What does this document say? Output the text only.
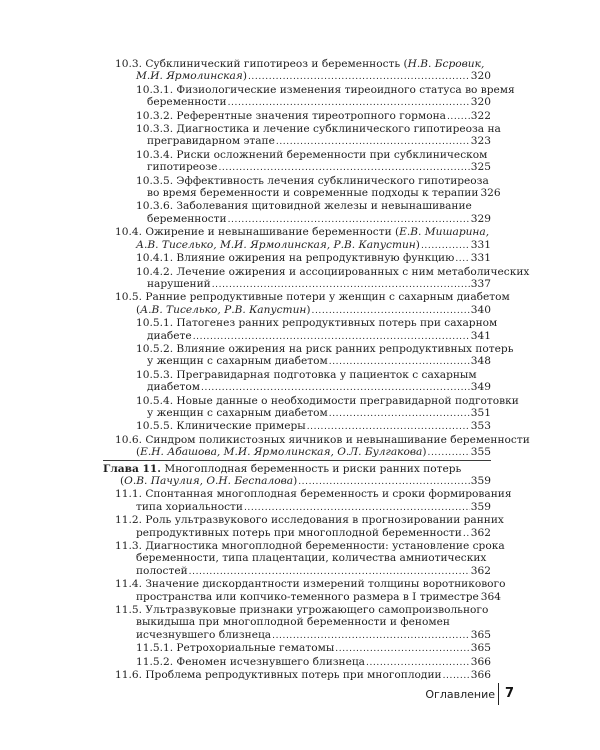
10.3. Субклинический гипотиреоз и беременность (Н.В. Бсровик,
М.И. Ярмолинская) .....	320
10.3.1. Физиологические изменения тиреоидного статуса во время
беременности .....	320
10.3.2. Референтные значения тиреотропного гормона ..... 322
10.3.3. Диагностика и лечение субклинического гипотиреоза на
прегравидарном этапе .....	323
10.3.4. Риски осложнений беременности при субклиническом
гипотиреозе .....	325
10.3.5. Эффективность лечения субклинического гипотиреоза
во время беременности и современные подходы к терапии 326
10.3.6. Заболевания щитовидной железы и невынашивание
беременности .....	329
10.4. Ожирение и невынашивание беременности (Е.В. Мишарина,
А.В. Тиселько, М.И. Ярмолинская, Р.В. Капустин) .....	331
10.4.1. Влияние ожирения на репродуктивную функцию ..... 331
10.4.2. Лечение ожирения и ассоциированных с ним метаболических
нарушений .....	337
10.5. Ранние репродуктивные потери у женщин с сахарным диабетом
(А.В. Тиселько, Р.В. Капустин) .....	340
10.5.1. Патогенез ранних репродуктивных потерь при сахарном
диабете .....	341
10.5.2. Влияние ожирения на риск ранних репродуктивных потерь
у женщин с сахарным диабетом .....	348
10.5.3. Прегравидарная подготовка у пациенток с сахарным
диабетом .....	349
10.5.4. Новые данные о необходимости прегравидарной подготовки
у женщин с сахарным диабетом .....	351
10.5.5. Клинические примеры .....	353
10.6. Синдром поликистозных яичников и невынашивание беременности
(Е.Н. Абашова, М.И. Ярмолинская, О.Л. Булгакова) .....	355
Глава 11. Многоплодная беременность и риски ранних потерь
(О.В. Пачулия, О.Н. Беспалова) .....	359
11.1. Спонтанная многоплодная беременность и сроки формирования
типа хориальности .....	359
11.2. Роль ультразвукового исследования в прогнозировании ранних
репродуктивных потерь при многоплодной беременности ..... 362
11.3. Диагностика многоплодной беременности: установление срока
беременности, типа плацентации, количества амниотических
полостей .....	362
11.4. Значение дискордантности измерений толщины воротникового
пространства или копчико-теменного размера в I триместре 364
11.5. Ультразвуковые признаки угрожающего самопроизвольного
выкидыша при многоплодной беременности и феномен
исчезнувшего близнеца .....	365
11.5.1. Ретрохориальные гематомы .....	365
11.5.2. Феномен исчезнувшего близнеца .....	366
11.6. Проблема репродуктивных потерь при многоплодии .....	366
Оглавление 7
